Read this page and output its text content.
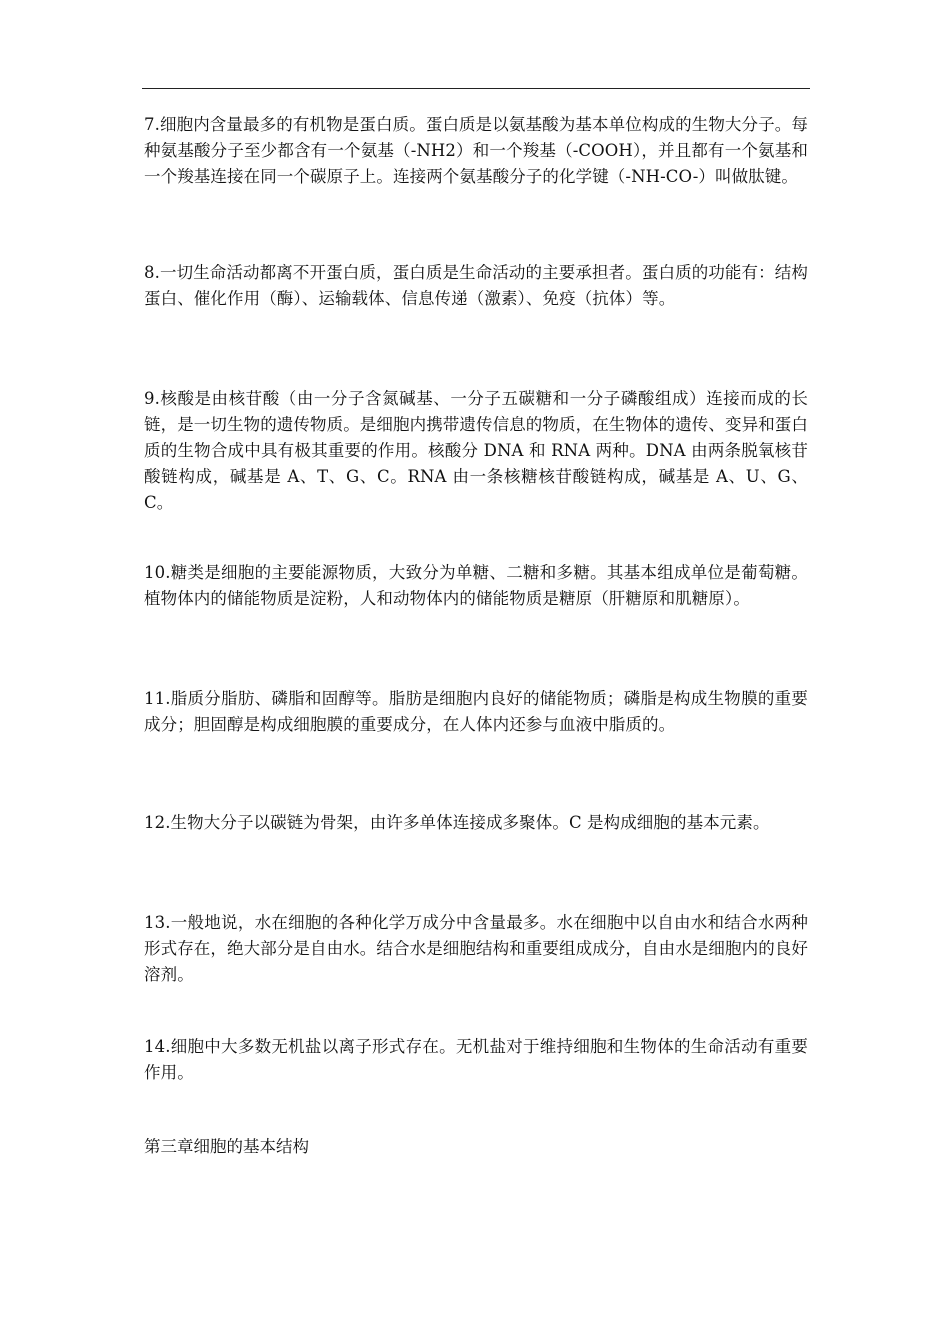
7.细胞内含量最多的有机物是蛋白质。蛋白质是以氨基酸为基本单位构成的生物大分子。每种氨基酸分子至少都含有一个氨基（-NH2）和一个羧基（-COOH），并且都有一个氨基和一个羧基连接在同一个碳原子上。连接两个氨基酸分子的化学键（-NH-CO-）叫做肽键。

8.一切生命活动都离不开蛋白质，蛋白质是生命活动的主要承担者。蛋白质的功能有：结构蛋白、催化作用（酶）、运输载体、信息传递（激素）、免疫（抗体）等。

9.核酸是由核苷酸（由一分子含氮碱基、一分子五碳糖和一分子磷酸组成）连接而成的长链，是一切生物的遗传物质。是细胞内携带遗传信息的物质，在生物体的遗传、变异和蛋白质的生物合成中具有极其重要的作用。核酸分 DNA 和 RNA 两种。DNA 由两条脱氧核苷酸链构成，碱基是 A、T、G、C。RNA 由一条核糖核苷酸链构成，碱基是 A、U、G、C。

10.糖类是细胞的主要能源物质，大致分为单糖、二糖和多糖。其基本组成单位是葡萄糖。植物体内的储能物质是淀粉，人和动物体内的储能物质是糖原（肝糖原和肌糖原）。

11.脂质分脂肪、磷脂和固醇等。脂肪是细胞内良好的储能物质；磷脂是构成生物膜的重要成分；胆固醇是构成细胞膜的重要成分，在人体内还参与血液中脂质的。

12.生物大分子以碳链为骨架，由许多单体连接成多聚体。C 是构成细胞的基本元素。

13.一般地说，水在细胞的各种化学万成分中含量最多。水在细胞中以自由水和结合水两种形式存在，绝大部分是自由水。结合水是细胞结构和重要组成成分，自由水是细胞内的良好溶剂。

14.细胞中大多数无机盐以离子形式存在。无机盐对于维持细胞和生物体的生命活动有重要作用。

第三章细胞的基本结构
